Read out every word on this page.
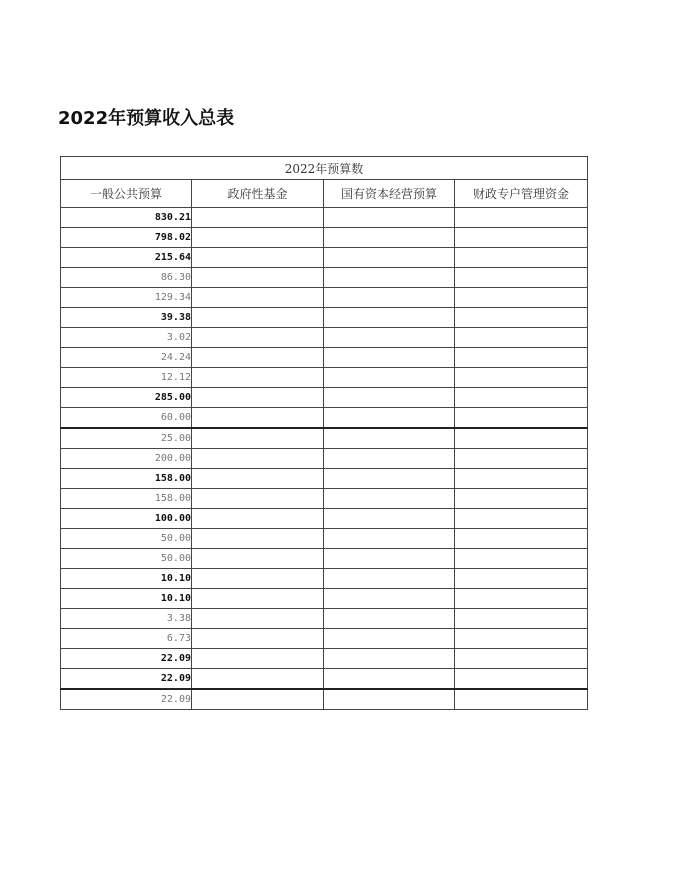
2022年预算收入总表
2022年预算数			
一般公共预算	政府性基金	国有资本经营预算	财政专户管理资金
830.21			
798.02			
215.64			
86.30			
129.34			
39.38			
3.02			
24.24			
12.12			
285.00			
60.00			
25.00			
200.00			
158.00			
158.00			
100.00			
50.00			
50.00			
10.10			
10.10			
3.38			
6.73			
22.09			
22.09			
22.09			
